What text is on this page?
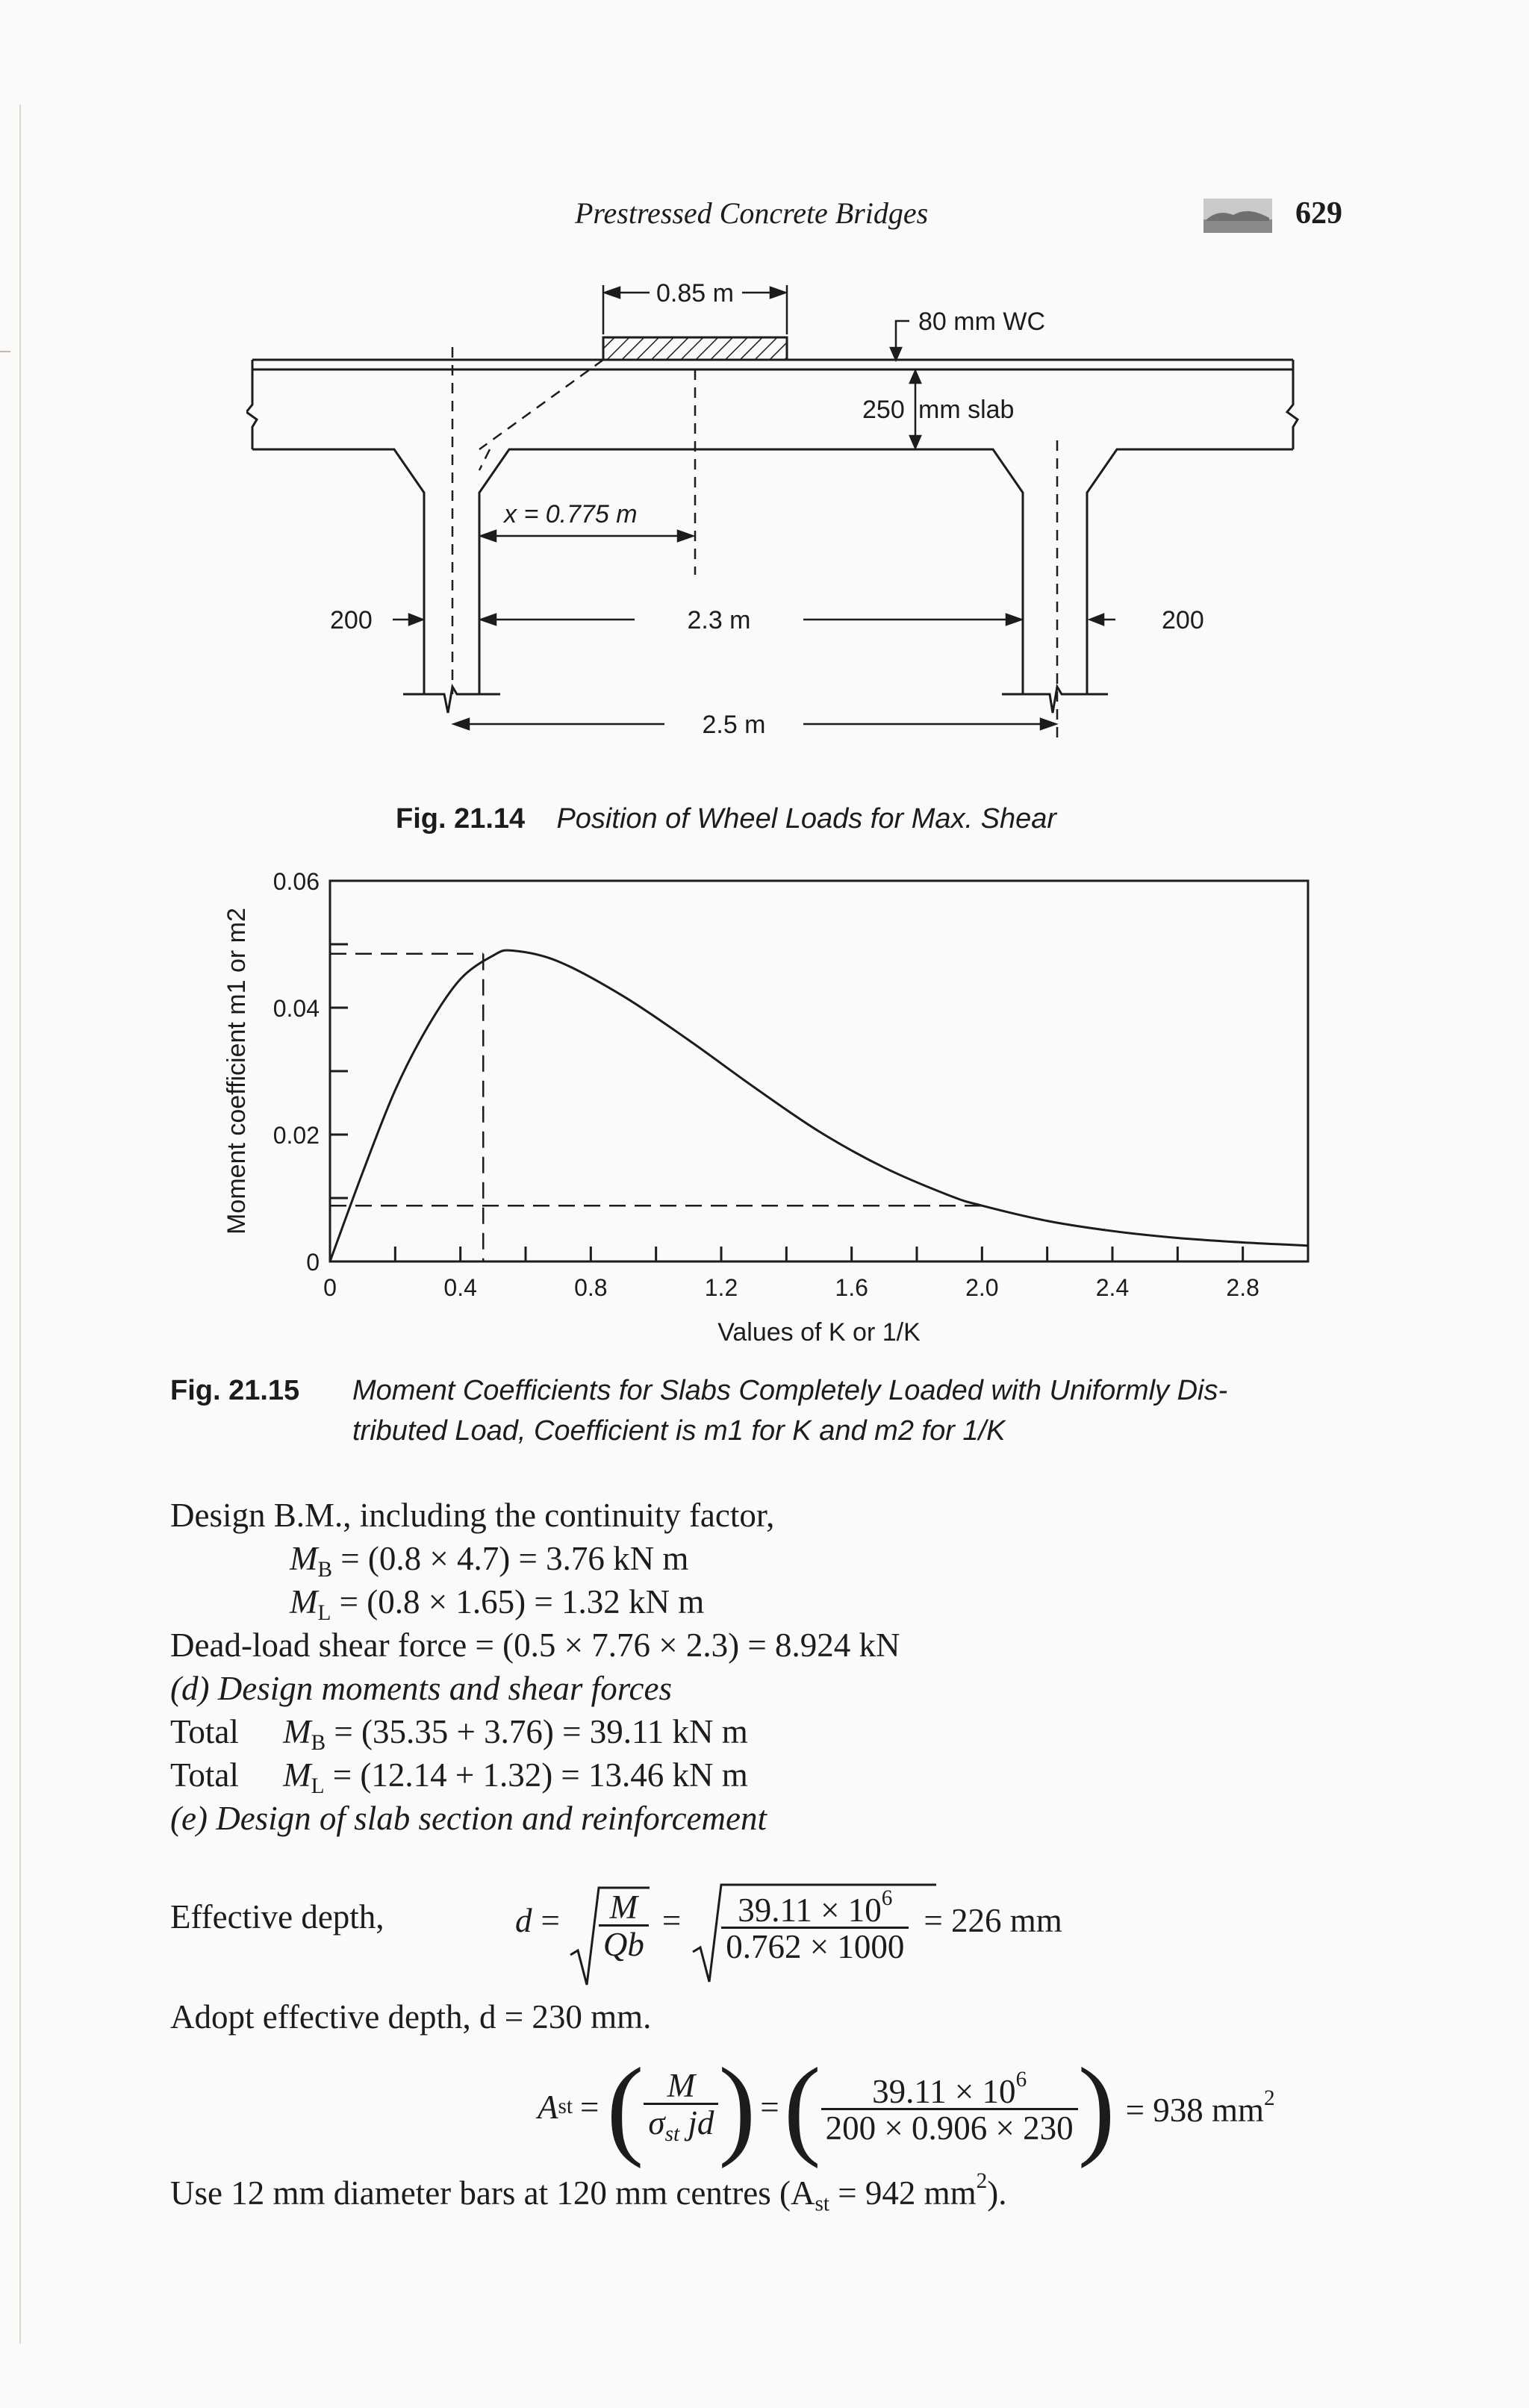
Prestressed Concrete Bridges	629
0.85 m
80 mm WC
250 mm slab
x = 0.775 m
200	200
2.3 m
2.5 m
Fig. 21.14 Position of Wheel Loads for Max. Shear
0	0.4	0.8	1.2	1.6	2.0	2.4	2.8
0
0.02
0.04
0.06
Moment coefficient m1 or m2
Values of K or 1/K
Fig. 21.15 Moment Coefficients for Slabs Completely Loaded with Uniformly Dis-
tributed Load, Coefficient is m1 for K and m2 for 1/K
Design B.M., including the continuity factor,
$M_B = (0.8 \times 4.7) = 3.76$ kN m
$M_L = (0.8 \times 1.65) = 1.32$ kN m
Dead-load shear force = (0.5 × 7.76 × 2.3) = 8.924 kN
(d) Design moments and shear forces
Total $M_B = (35.35 + 3.76) = 39.11$ kN m
Total $M_L = (12.14 + 1.32) = 13.46$ kN m
(e) Design of slab section and reinforcement
Effective depth,	$d = \frac{M}{Qb} = \frac{39.11 \times 10^6}{0.762 \times 1000} = 226$ mm
Adopt effective depth, d = 230 mm.
A st = ( $\frac{M}{\sigma_{st} jd}$ ) = ( $\frac{39.11 \times 10^6}{200 \times 0.906 \times 230}$ ) = 938 $mm^2$
Use 12 mm diameter bars at 120 mm centres ($A_{st} = 942$ $mm^2$).
